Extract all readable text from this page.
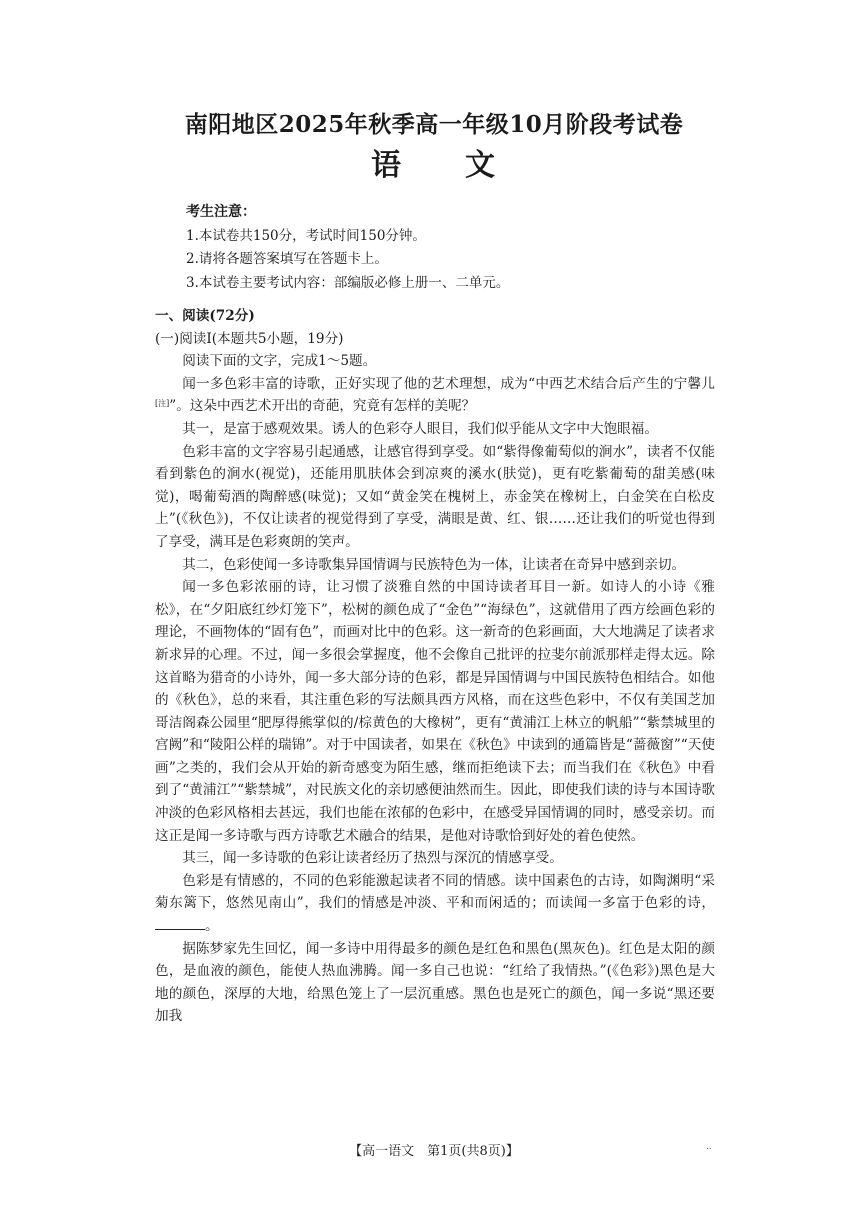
南阳地区2025年秋季高一年级10月阶段考试卷
语文
考生注意：
1.本试卷共150分，考试时间150分钟。
2.请将各题答案填写在答题卡上。
3.本试卷主要考试内容：部编版必修上册一、二单元。

一、阅读(72分)

(一)阅读Ⅰ(本题共5小题，19分)

阅读下面的文字，完成1～5题。

闻一多色彩丰富的诗歌，正好实现了他的艺术理想，成为“中西艺术结合后产生的宁馨儿[注]”。这朵中西艺术开出的奇葩，究竟有怎样的美呢？

其一，是富于感观效果。诱人的色彩夺人眼目，我们似乎能从文字中大饱眼福。

色彩丰富的文字容易引起通感，让感官得到享受。如“紫得像葡萄似的涧水”，读者不仅能看到紫色的涧水(视觉)，还能用肌肤体会到凉爽的溪水(肤觉)，更有吃紫葡萄的甜美感(味觉)，喝葡萄酒的陶醉感(味觉)；又如“黄金笑在槐树上，赤金笑在橡树上，白金笑在白松皮上”(《秋色》)，不仅让读者的视觉得到了享受，满眼是黄、红、银……还让我们的听觉也得到了享受，满耳是色彩爽朗的笑声。

其二，色彩使闻一多诗歌集异国情调与民族特色为一体，让读者在奇异中感到亲切。

闻一多色彩浓丽的诗，让习惯了淡雅自然的中国诗读者耳目一新。如诗人的小诗《雅松》，在“夕阳底红纱灯笼下”，松树的颜色成了“金色”“海绿色”，这就借用了西方绘画色彩的理论，不画物体的“固有色”，而画对比中的色彩。这一新奇的色彩画面，大大地满足了读者求新求异的心理。不过，闻一多很会掌握度，他不会像自己批评的拉斐尔前派那样走得太远。除这首略为猎奇的小诗外，闻一多大部分诗的色彩，都是异国情调与中国民族特色相结合。如他的《秋色》，总的来看，其注重色彩的写法颇具西方风格，而在这些色彩中，不仅有美国芝加哥洁阁森公园里“肥厚得熊掌似的/棕黄色的大橡树”，更有“黄浦江上林立的帆船”“紫禁城里的宫阙”和“陵阳公样的瑞锦”。对于中国读者，如果在《秋色》中读到的通篇皆是“蔷薇窗”“天使画”之类的，我们会从开始的新奇感变为陌生感，继而拒绝读下去；而当我们在《秋色》中看到了“黄浦江”“紫禁城”，对民族文化的亲切感便油然而生。因此，即使我们读的诗与本国诗歌冲淡的色彩风格相去甚远，我们也能在浓郁的色彩中，在感受异国情调的同时，感受亲切。而这正是闻一多诗歌与西方诗歌艺术融合的结果，是他对诗歌恰到好处的着色使然。

其三，闻一多诗歌的色彩让读者经历了热烈与深沉的情感享受。

色彩是有情感的，不同的色彩能激起读者不同的情感。读中国素色的古诗，如陶渊明“采菊东篱下，悠然见南山”，我们的情感是冲淡、平和而闲适的；而读闻一多富于色彩的诗，。

据陈梦家先生回忆，闻一多诗中用得最多的颜色是红色和黑色(黑灰色)。红色是太阳的颜色，是血液的颜色，能使人热血沸腾。闻一多自己也说：“红给了我情热。”(《色彩》)黑色是大地的颜色，深厚的大地，给黑色笼上了一层沉重感。黑色也是死亡的颜色，闻一多说“黑还要加我

【高一语文　第1页(共8页)】	..
